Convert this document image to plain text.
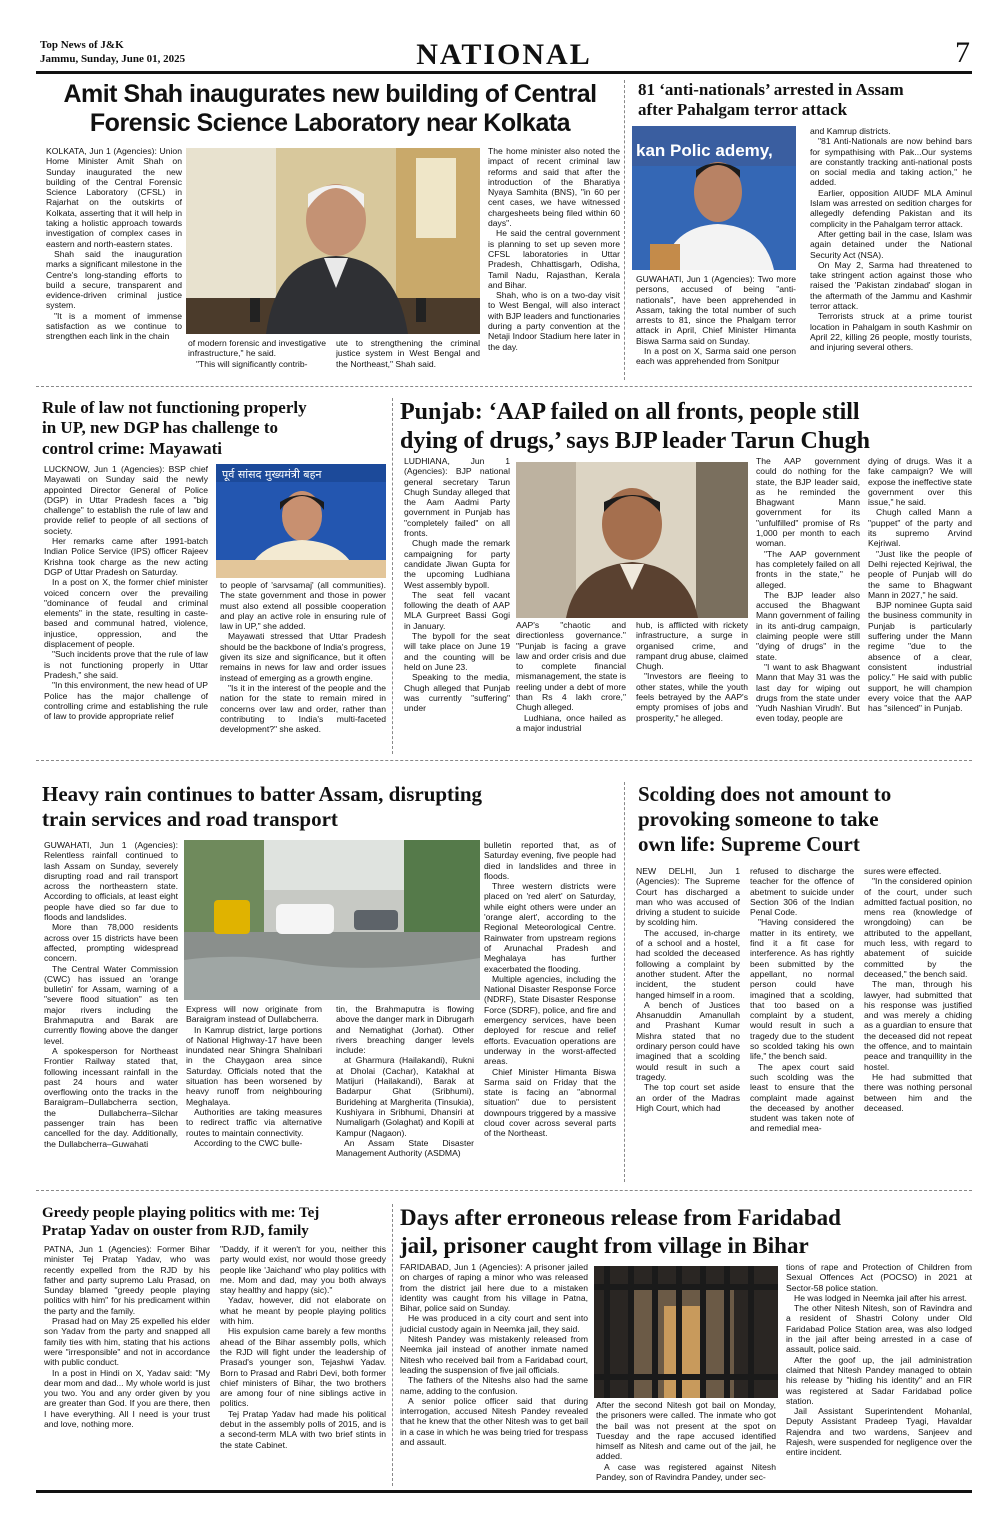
Top News of J&K
Jammu, Sunday, June 01, 2025	NATIONAL	7
Amit Shah inaugurates new building of Central
Forensic Science Laboratory near Kolkata

KOLKATA, Jun 1 (Agencies): Union Home Minister Amit Shah on Sunday inaugurated the new building of the Central Forensic Science Laboratory (CFSL) in Rajarhat on the outskirts of Kolkata, asserting that it will help in taking a holistic approach towards investigation of complex cases in eastern and north-eastern states.

Shah said the inauguration marks a significant milestone in the Centre's long-standing efforts to build a secure, transparent and evidence-driven criminal justice system.

"It is a moment of immense satisfaction as we continue to strengthen each link in the chain

of modern forensic and investigative infrastructure," he said.

"This will significantly contrib-

ute to strengthening the criminal justice system in West Bengal and the Northeast," Shah said.

The home minister also noted the impact of recent criminal law reforms and said that after the introduction of the Bharatiya Nyaya Samhita (BNS), "in 60 per cent cases, we have witnessed chargesheets being filed within 60 days".

He said the central government is planning to set up seven more CFSL laboratories in Uttar Pradesh, Chhattisgarh, Odisha, Tamil Nadu, Rajasthan, Kerala and Bihar.

Shah, who is on a two-day visit to West Bengal, will also interact with BJP leaders and functionaries during a party convention at the Netaji Indoor Stadium here later in the day.

81 ‘anti-nationals’ arrested in Assam
after Pahalgam terror attack
kan Polic ademy,

GUWAHATI, Jun 1 (Agencies): Two more persons, accused of being "anti-nationals", have been apprehended in Assam, taking the total number of such arrests to 81, since the Phalgam terror attack in April, Chief Minister Himanta Biswa Sarma said on Sunday.

In a post on X, Sarma said one person each was apprehended from Sonitpur

and Kamrup districts.

"81 Anti-Nationals are now behind bars for sympathising with Pak...Our systems are constantly tracking anti-national posts on social media and taking action," he added.

Earlier, opposition AIUDF MLA Aminul Islam was arrested on sedition charges for allegedly defending Pakistan and its complicity in the Pahalgam terror attack.

After getting bail in the case, Islam was again detained under the National Security Act (NSA).

On May 2, Sarma had threatened to take stringent action against those who raised the 'Pakistan zindabad' slogan in the aftermath of the Jammu and Kashmir terror attack.

Terrorists struck at a prime tourist location in Pahalgam in south Kashmir on April 22, killing 26 people, mostly tourists, and injuring several others.

Rule of law not functioning properly
in UP, new DGP has challenge to
control crime: Mayawati

LUCKNOW, Jun 1 (Agencies): BSP chief Mayawati on Sunday said the newly appointed Director General of Police (DGP) in Uttar Pradesh faces a "big challenge" to establish the rule of law and provide relief to people of all sections of society.

Her remarks came after 1991-batch Indian Police Service (IPS) officer Rajeev Krishna took charge as the new acting DGP of Uttar Pradesh on Saturday.

In a post on X, the former chief minister voiced concern over the prevailing "dominance of feudal and criminal elements" in the state, resulting in caste-based and communal hatred, violence, injustice, oppression, and the displacement of people.

"Such incidents prove that the rule of law is not functioning properly in Uttar Pradesh," she said.

"In this environment, the new head of UP Police has the major challenge of controlling crime and establishing the rule of law to provide appropriate relief

पूर्व सांसद मुख्यमंत्री बहन

to people of 'sarvsamaj' (all communities). The state government and those in power must also extend all possible cooperation and play an active role in ensuring rule of law in UP," she added.

Mayawati stressed that Uttar Pradesh should be the backbone of India's progress, given its size and significance, but it often remains in news for law and order issues instead of emerging as a growth engine.

"Is it in the interest of the people and the nation for the state to remain mired in concerns over law and order, rather than contributing to India's multi-faceted development?" she asked.

Punjab: ‘AAP failed on all fronts, people still
dying of drugs,’ says BJP leader Tarun Chugh

LUDHIANA, Jun 1 (Agencies): BJP national general secretary Tarun Chugh Sunday alleged that the Aam Aadmi Party government in Punjab has "completely failed" on all fronts.

Chugh made the remark campaigning for party candidate Jiwan Gupta for the upcoming Ludhiana West assembly bypoll.

The seat fell vacant following the death of AAP MLA Gurpreet Bassi Gogi in January.

The bypoll for the seat will take place on June 19 and the counting will be held on June 23.

Speaking to the media, Chugh alleged that Punjab was currently "suffering" under

AAP's "chaotic and directionless governance." "Punjab is facing a grave law and order crisis and due to complete financial mismanagement, the state is reeling under a debt of more than Rs 4 lakh crore," Chugh alleged.

Ludhiana, once hailed as a major industrial

hub, is afflicted with rickety infrastructure, a surge in organised crime, and rampant drug abuse, claimed Chugh.

"Investors are fleeing to other states, while the youth feels betrayed by the AAP's empty promises of jobs and prosperity," he alleged.

The AAP government could do nothing for the state, the BJP leader said, as he reminded the Bhagwant Mann government for its "unfulfilled" promise of Rs 1,000 per month to each woman.

"The AAP government has completely failed on all fronts in the state," he alleged.

The BJP leader also accused the Bhagwant Mann government of failing in its anti-drug campaign, claiming people were still "dying of drugs" in the state.

"I want to ask Bhagwant Mann that May 31 was the last day for wiping out drugs from the state under 'Yudh Nashian Virudh'. But even today, people are

dying of drugs. Was it a fake campaign? We will expose the ineffective state government over this issue," he said.

Chugh called Mann a "puppet" of the party and its supremo Arvind Kejriwal.

"Just like the people of Delhi rejected Kejriwal, the people of Punjab will do the same to Bhagwant Mann in 2027," he said.

BJP nominee Gupta said the business community in Punjab is particularly suffering under the Mann regime "due to the absence of a clear, consistent industrial policy." He said with public support, he will champion every voice that the AAP has "silenced" in Punjab.

Heavy rain continues to batter Assam, disrupting
train services and road transport

GUWAHATI, Jun 1 (Agencies): Relentless rainfall continued to lash Assam on Sunday, severely disrupting road and rail transport across the northeastern state. According to officials, at least eight people have died so far due to floods and landslides.

More than 78,000 residents across over 15 districts have been affected, prompting widespread concern.

The Central Water Commission (CWC) has issued an 'orange bulletin' for Assam, warning of a "severe flood situation" as ten major rivers including the Brahmaputra and Barak are currently flowing above the danger level.

A spokesperson for Northeast Frontier Railway stated that, following incessant rainfall in the past 24 hours and water overflowing onto the tracks in the Baraigram–Dullabcherra section, the Dullabcherra–Silchar passenger train has been cancelled for the day. Additionally, the Dullabcherra–Guwahati

Express will now originate from Baraigram instead of Dullabcherra.

In Kamrup district, large portions of National Highway-17 have been inundated near Shingra Shalnibari in the Chaygaon area since Saturday. Officials noted that the situation has been worsened by heavy runoff from neighbouring Meghalaya.

Authorities are taking measures to redirect traffic via alternative routes to maintain connectivity.

According to the CWC bulle-

tin, the Brahmaputra is flowing above the danger mark in Dibrugarh and Nematighat (Jorhat). Other rivers breaching danger levels include:

at Gharmura (Hailakandi), Rukni at Dholai (Cachar), Katakhal at Matijuri (Hailakandi), Barak at Badarpur Ghat (Sribhumi), Buridehing at Margherita (Tinsukia), Kushiyara in Sribhumi, Dhansiri at Numaligarh (Golaghat) and Kopili at Kampur (Nagaon).

An Assam State Disaster Management Authority (ASDMA)

bulletin reported that, as of Saturday evening, five people had died in landslides and three in floods.

Three western districts were placed on 'red alert' on Saturday, while eight others were under an 'orange alert', according to the Regional Meteorological Centre. Rainwater from upstream regions of Arunachal Pradesh and Meghalaya has further exacerbated the flooding.

Multiple agencies, including the National Disaster Response Force (NDRF), State Disaster Response Force (SDRF), police, and fire and emergency services, have been deployed for rescue and relief efforts. Evacuation operations are underway in the worst-affected areas.

Chief Minister Himanta Biswa Sarma said on Friday that the state is facing an "abnormal situation" due to persistent downpours triggered by a massive cloud cover across several parts of the Northeast.

Scolding does not amount to
provoking someone to take
own life: Supreme Court

NEW DELHI, Jun 1 (Agencies): The Supreme Court has discharged a man who was accused of driving a student to suicide by scolding him.

The accused, in-charge of a school and a hostel, had scolded the deceased following a complaint by another student. After the incident, the student hanged himself in a room.

A bench of Justices Ahsanuddin Amanullah and Prashant Kumar Mishra stated that no ordinary person could have imagined that a scolding would result in such a tragedy.

The top court set aside an order of the Madras High Court, which had

refused to discharge the teacher for the offence of abetment to suicide under Section 306 of the Indian Penal Code.

"Having considered the matter in its entirety, we find it a fit case for interference. As has rightly been submitted by the appellant, no normal person could have imagined that a scolding, that too based on a complaint by a student, would result in such a tragedy due to the student so scolded taking his own life," the bench said.

The apex court said such scolding was the least to ensure that the complaint made against the deceased by another student was taken note of and remedial mea-

sures were effected.

"In the considered opinion of the court, under such admitted factual position, no mens rea (knowledge of wrongdoing) can be attributed to the appellant, much less, with regard to abatement of suicide committed by the deceased," the bench said.

The man, through his lawyer, had submitted that his response was justified and was merely a chiding as a guardian to ensure that the deceased did not repeat the offence, and to maintain peace and tranquillity in the hostel.

He had submitted that there was nothing personal between him and the deceased.

Greedy people playing politics with me: Tej
Pratap Yadav on ouster from RJD, family

PATNA, Jun 1 (Agencies): Former Bihar minister Tej Pratap Yadav, who was recently expelled from the RJD by his father and party supremo Lalu Prasad, on Sunday blamed "greedy people playing politics with him" for his predicament within the party and the family.

Prasad had on May 25 expelled his elder son Yadav from the party and snapped all family ties with him, stating that his actions were "irresponsible" and not in accordance with public conduct.

In a post in Hindi on X, Yadav said: "My dear mom and dad... My whole world is just you two. You and any order given by you are greater than God. If you are there, then I have everything. All I need is your trust and love, nothing more.

"Daddy, if it weren't for you, neither this party would exist, nor would those greedy people like 'Jaichand' who play politics with me. Mom and dad, may you both always stay healthy and happy (sic)."

Yadav, however, did not elaborate on what he meant by people playing politics with him.

His expulsion came barely a few months ahead of the Bihar assembly polls, which the RJD will fight under the leadership of Prasad's younger son, Tejashwi Yadav. Born to Prasad and Rabri Devi, both former chief ministers of Bihar, the two brothers are among four of nine siblings active in politics.

Tej Pratap Yadav had made his political debut in the assembly polls of 2015, and is a second-term MLA with two brief stints in the state Cabinet.

Days after erroneous release from Faridabad
jail, prisoner caught from village in Bihar

FARIDABAD, Jun 1 (Agencies): A prisoner jailed on charges of raping a minor who was released from the district jail here due to a mistaken identity was caught from his village in Patna, Bihar, police said on Sunday.

He was produced in a city court and sent into judicial custody again in Neemka jail, they said.

Nitesh Pandey was mistakenly released from Neemka jail instead of another inmate named Nitesh who received bail from a Faridabad court, leading the suspension of five jail officials.

The fathers of the Niteshs also had the same name, adding to the confusion.

A senior police officer said that during interrogation, accused Nitesh Pandey revealed that he knew that the other Nitesh was to get bail in a case in which he was being tried for trespass and assault.

After the second Nitesh got bail on Monday, the prisoners were called. The inmate who got the bail was not present at the spot on Tuesday and the rape accused identified himself as Nitesh and came out of the jail, he added.

A case was registered against Nitesh Pandey, son of Ravindra Pandey, under sec-

tions of rape and Protection of Children from Sexual Offences Act (POCSO) in 2021 at Sector-58 police station.

He was lodged in Neemka jail after his arrest.

The other Nitesh Nitesh, son of Ravindra and a resident of Shastri Colony under Old Faridabad Police Station area, was also lodged in the jail after being arrested in a case of assault, police said.

After the goof up, the jail administration claimed that Nitesh Pandey managed to obtain his release by "hiding his identity" and an FIR was registered at Sadar Faridabad police station.

Jail Assistant Superintendent Mohanlal, Deputy Assistant Pradeep Tyagi, Havaldar Rajendra and two wardens, Sanjeev and Rajesh, were suspended for negligence over the entire incident.
